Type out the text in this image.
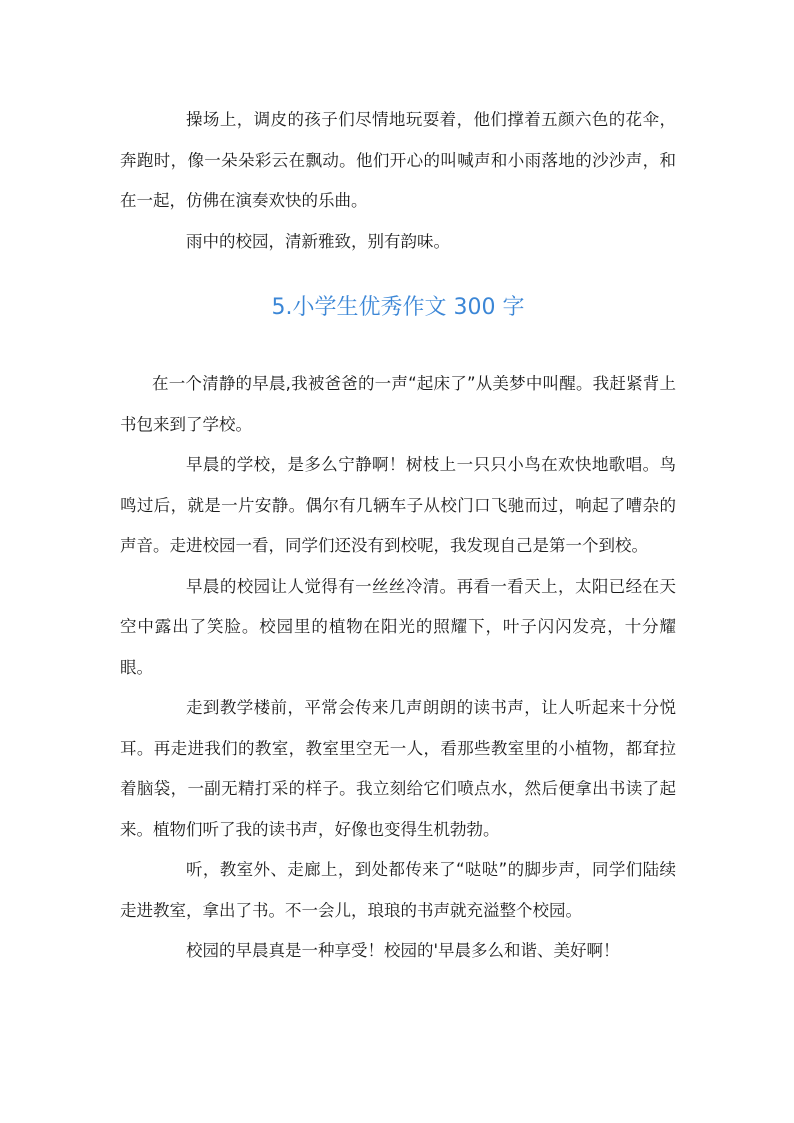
操场上，调皮的孩子们尽情地玩耍着，他们撑着五颜六色的花伞，奔跑时，像一朵朵彩云在飘动。他们开心的叫喊声和小雨落地的沙沙声，和在一起，仿佛在演奏欢快的乐曲。

雨中的校园，清新雅致，别有韵味。

5.小学生优秀作文 300 字

在一个清静的早晨,我被爸爸的一声“起床了”从美梦中叫醒。我赶紧背上书包来到了学校。

早晨的学校，是多么宁静啊！树枝上一只只小鸟在欢快地歌唱。鸟鸣过后，就是一片安静。偶尔有几辆车子从校门口飞驰而过，响起了嘈杂的声音。走进校园一看，同学们还没有到校呢，我发现自己是第一个到校。

早晨的校园让人觉得有一丝丝冷清。再看一看天上，太阳已经在天空中露出了笑脸。校园里的植物在阳光的照耀下，叶子闪闪发亮，十分耀眼。

走到教学楼前，平常会传来几声朗朗的读书声，让人听起来十分悦耳。再走进我们的教室，教室里空无一人，看那些教室里的小植物，都耷拉着脑袋，一副无精打采的样子。我立刻给它们喷点水，然后便拿出书读了起来。植物们听了我的读书声，好像也变得生机勃勃。

听，教室外、走廊上，到处都传来了“哒哒”的脚步声，同学们陆续走进教室，拿出了书。不一会儿，琅琅的书声就充溢整个校园。

校园的早晨真是一种享受！校园的'早晨多么和谐、美好啊！
